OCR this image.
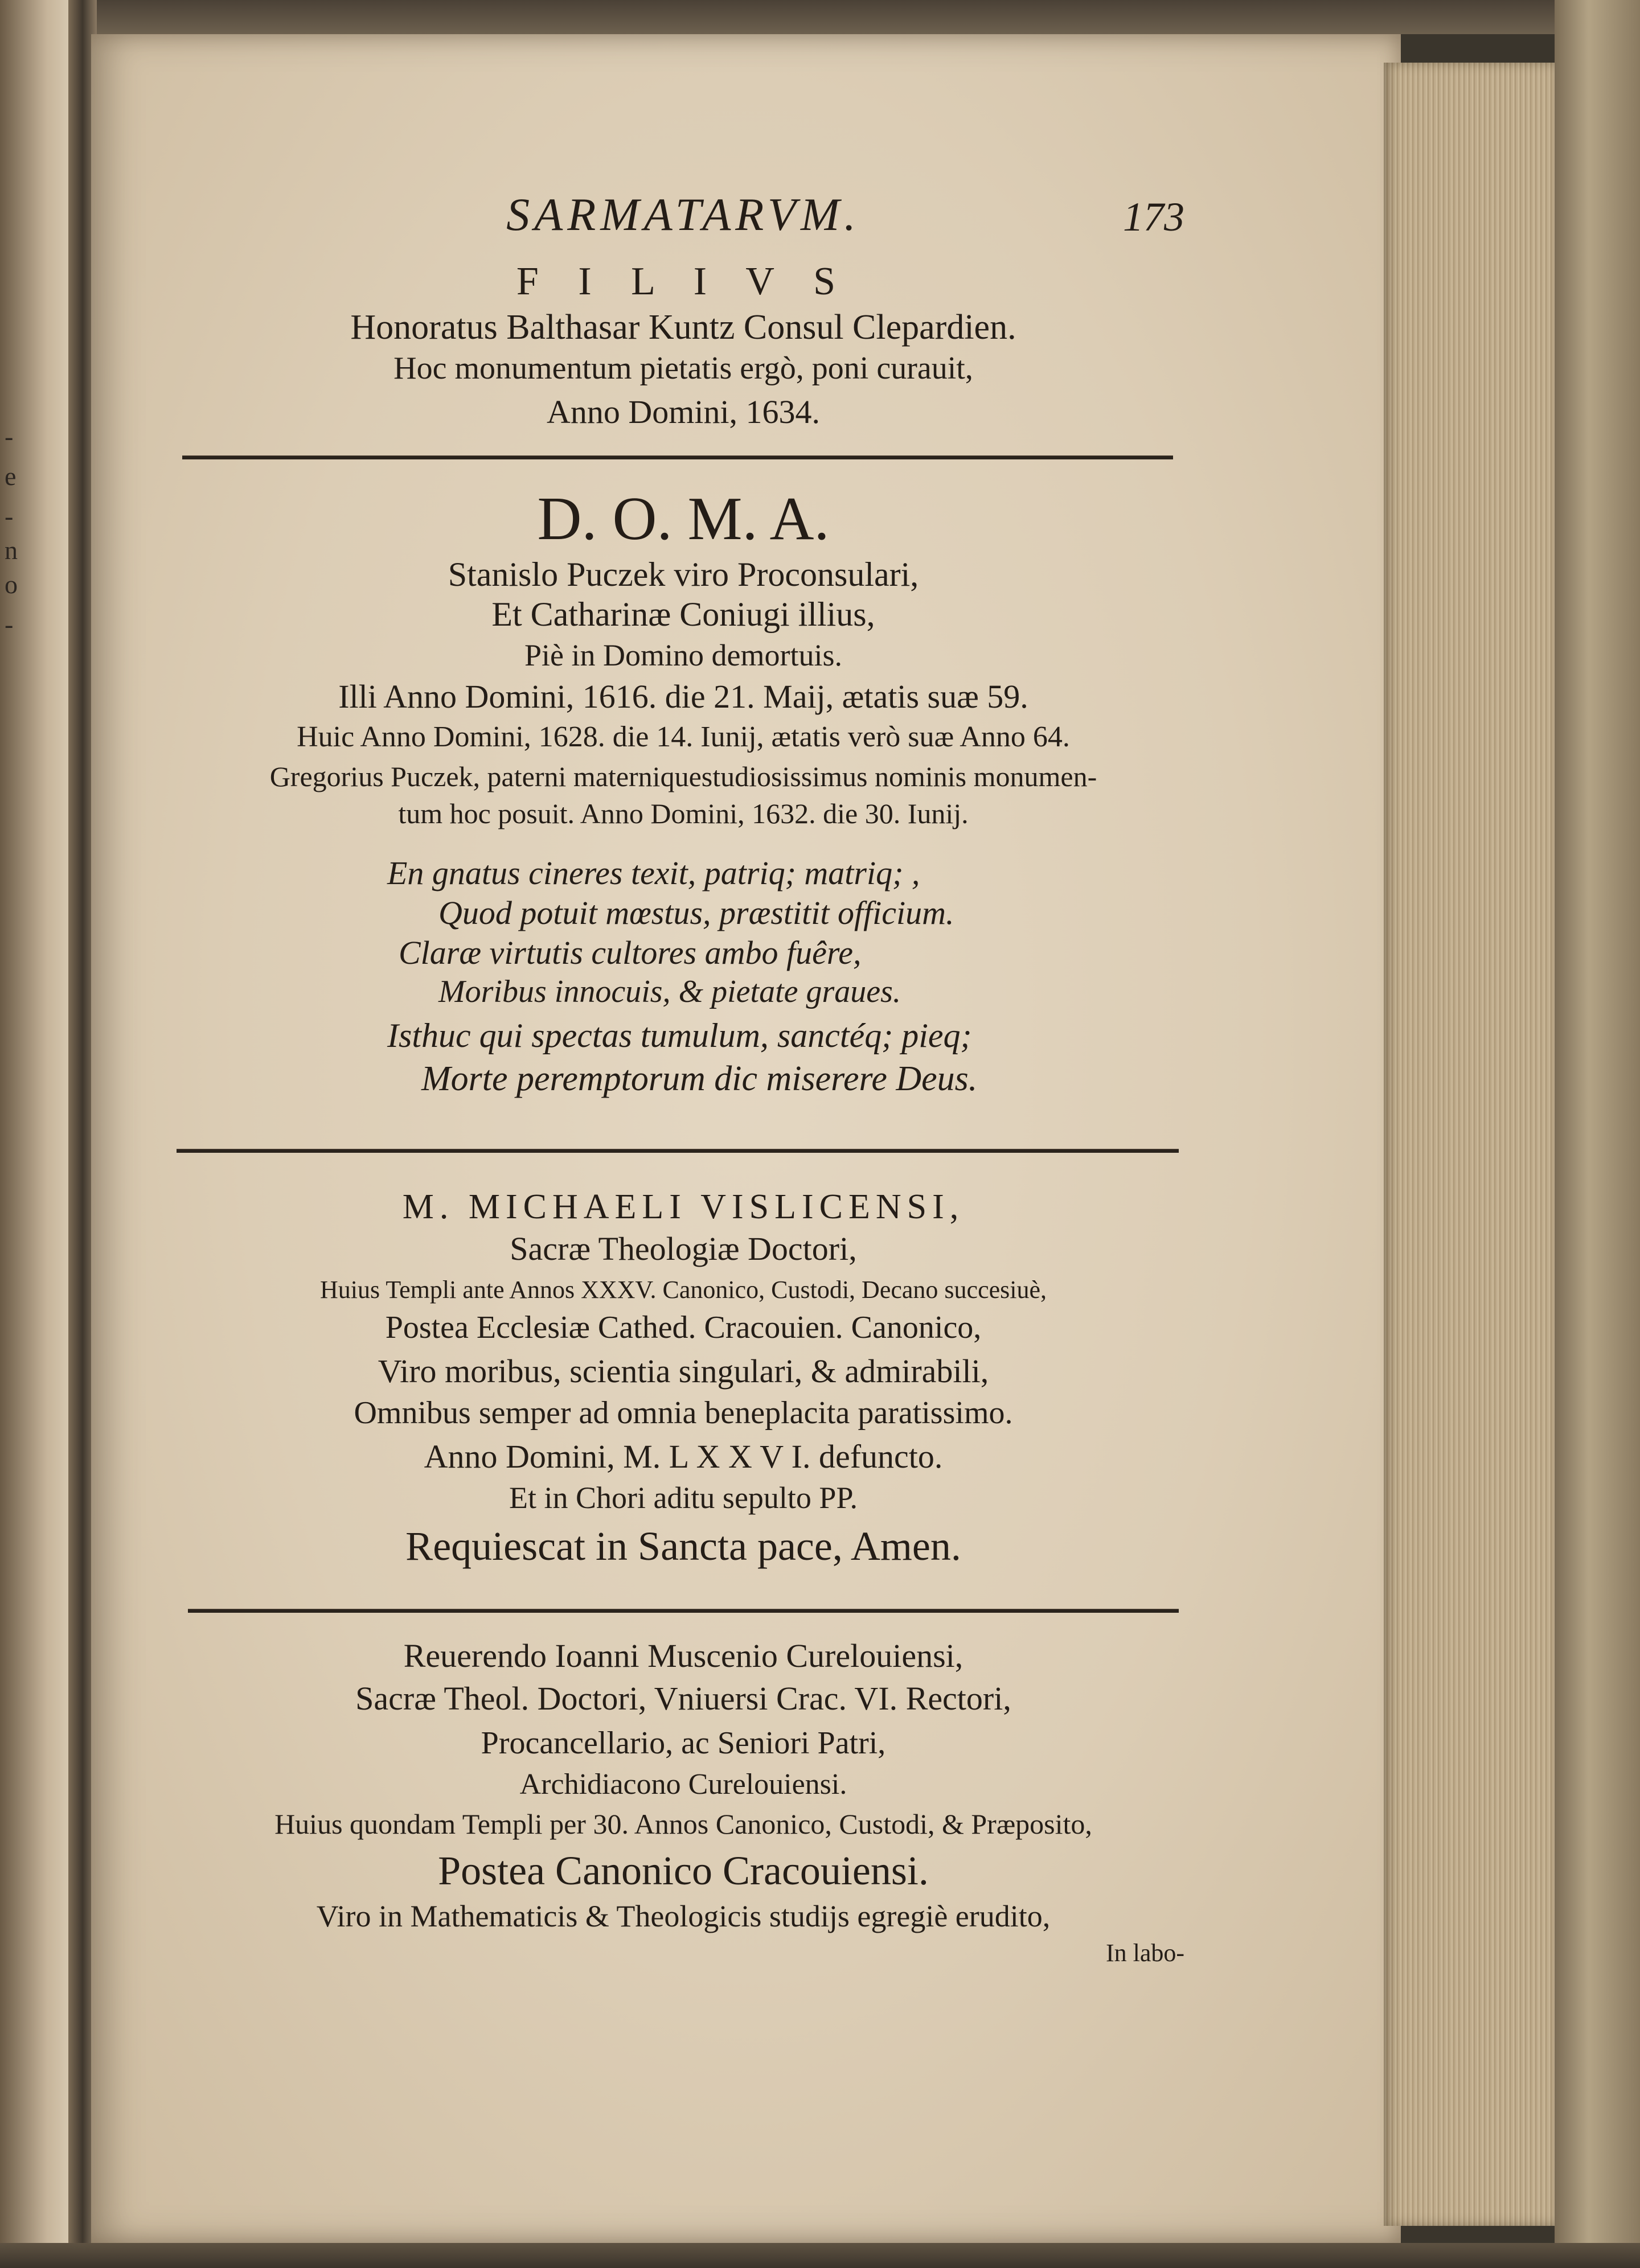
-
e
-
n
o
-
SARMATARVM.	173
F I L I V S
Honoratus Balthasar Kuntz Consul Clepardien.
Hoc monumentum pietatis ergò, poni curauit,
Anno Domini, 1634.
D. O. M. A.
Stanislo Puczek viro Proconsulari,
Et Catharinæ Coniugi illius,
Piè in Domino demortuis.
Illi Anno Domini, 1616. die 21. Maij, ætatis suæ 59.
Huic Anno Domini, 1628. die 14. Iunij, ætatis verò suæ Anno 64.
Gregorius Puczek, paterni materniquestudiosissimus nominis monumen-
tum hoc posuit. Anno Domini, 1632. die 30. Iunij.
En gnatus cineres texit, patriq; matriq; ,
Quod potuit mœstus, præstitit officium.
Claræ virtutis cultores ambo fuêre,
Moribus innocuis, & pietate graues.
Isthuc qui spectas tumulum, sanctéq; pieq;
Morte peremptorum dic miserere Deus.
M. MICHAELI VISLICENSI,
Sacræ Theologiæ Doctori,
Huius Templi ante Annos XXXV. Canonico, Custodi, Decano succesiuè,
Postea Ecclesiæ Cathed. Cracouien. Canonico,
Viro moribus, scientia singulari, & admirabili,
Omnibus semper ad omnia beneplacita paratissimo.
Anno Domini, M. L X X V I. defuncto.
Et in Chori aditu sepulto PP.
Requiescat in Sancta pace, Amen.
Reuerendo Ioanni Muscenio Curelouiensi,
Sacræ Theol. Doctori, Vniuersi Crac. VI. Rectori,
Procancellario, ac Seniori Patri,
Archidiacono Curelouiensi.
Huius quondam Templi per 30. Annos Canonico, Custodi, & Præposito,
Postea Canonico Cracouiensi.
Viro in Mathematicis & Theologicis studijs egregiè erudito,
In labo-
